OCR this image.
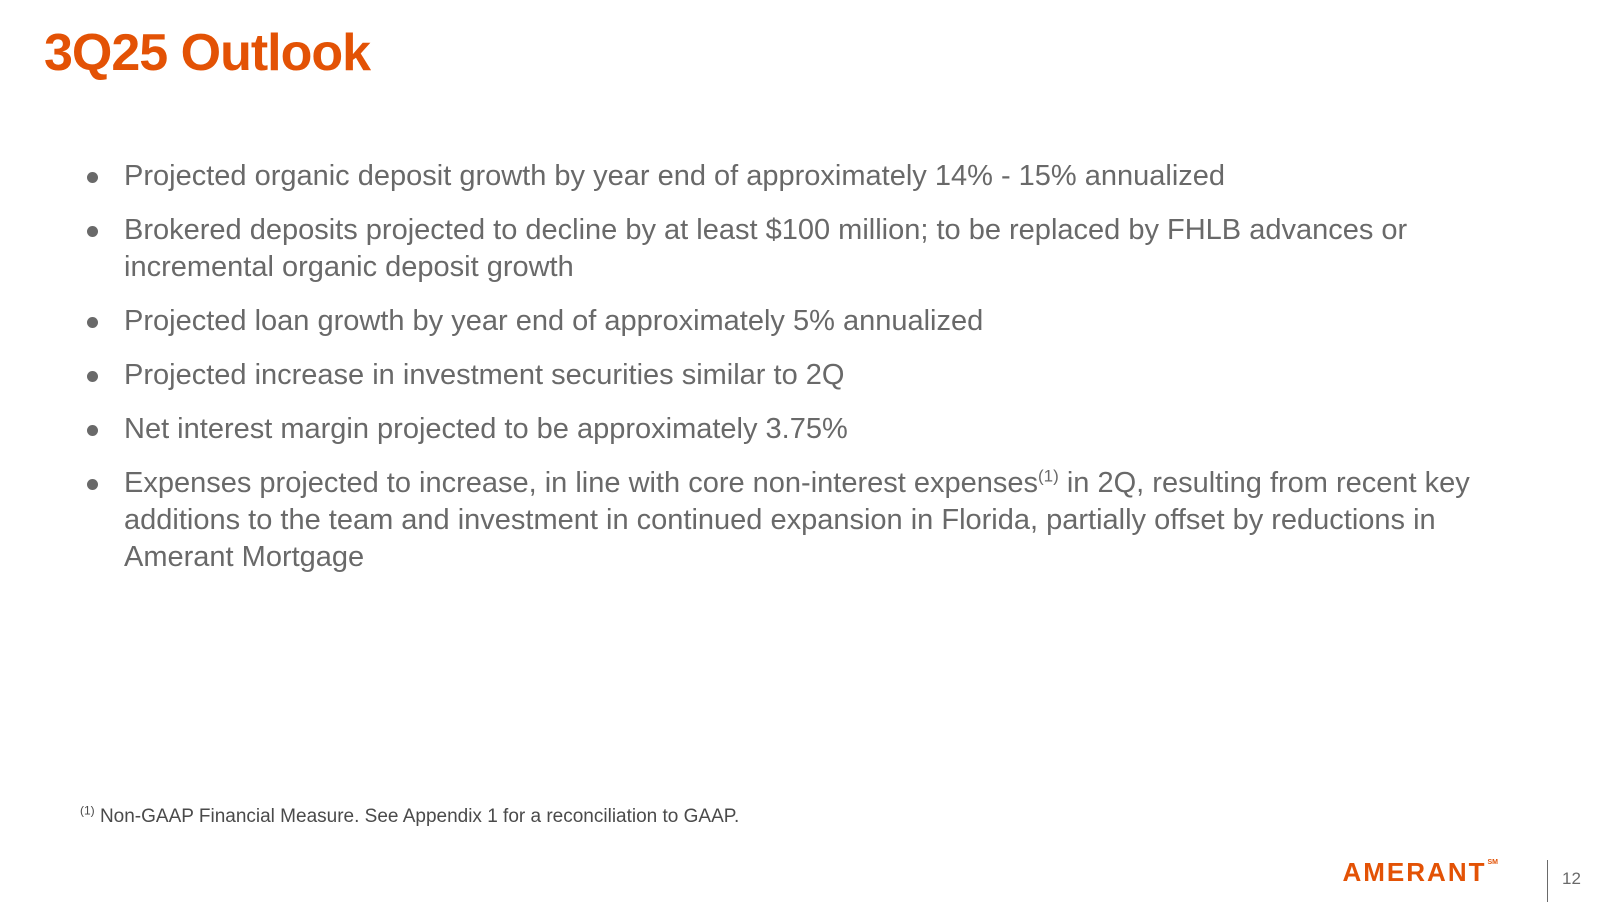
3Q25 Outlook
Projected organic deposit growth by year end of approximately 14% - 15% annualized
Brokered deposits projected to decline by at least $100 million; to be replaced by FHLB advances or incremental organic deposit growth
Projected loan growth by year end of approximately 5% annualized
Projected increase in investment securities similar to 2Q
Net interest margin projected to be approximately 3.75%
Expenses projected to increase, in line with core non-interest expenses$^{(1)}$ in 2Q, resulting from recent key additions to the team and investment in continued expansion in Florida, partially offset by reductions in Amerant Mortgage

$^{(1)}$ Non-GAAP Financial Measure. See Appendix 1 for a reconciliation to GAAP.

AMERANT℠
12
